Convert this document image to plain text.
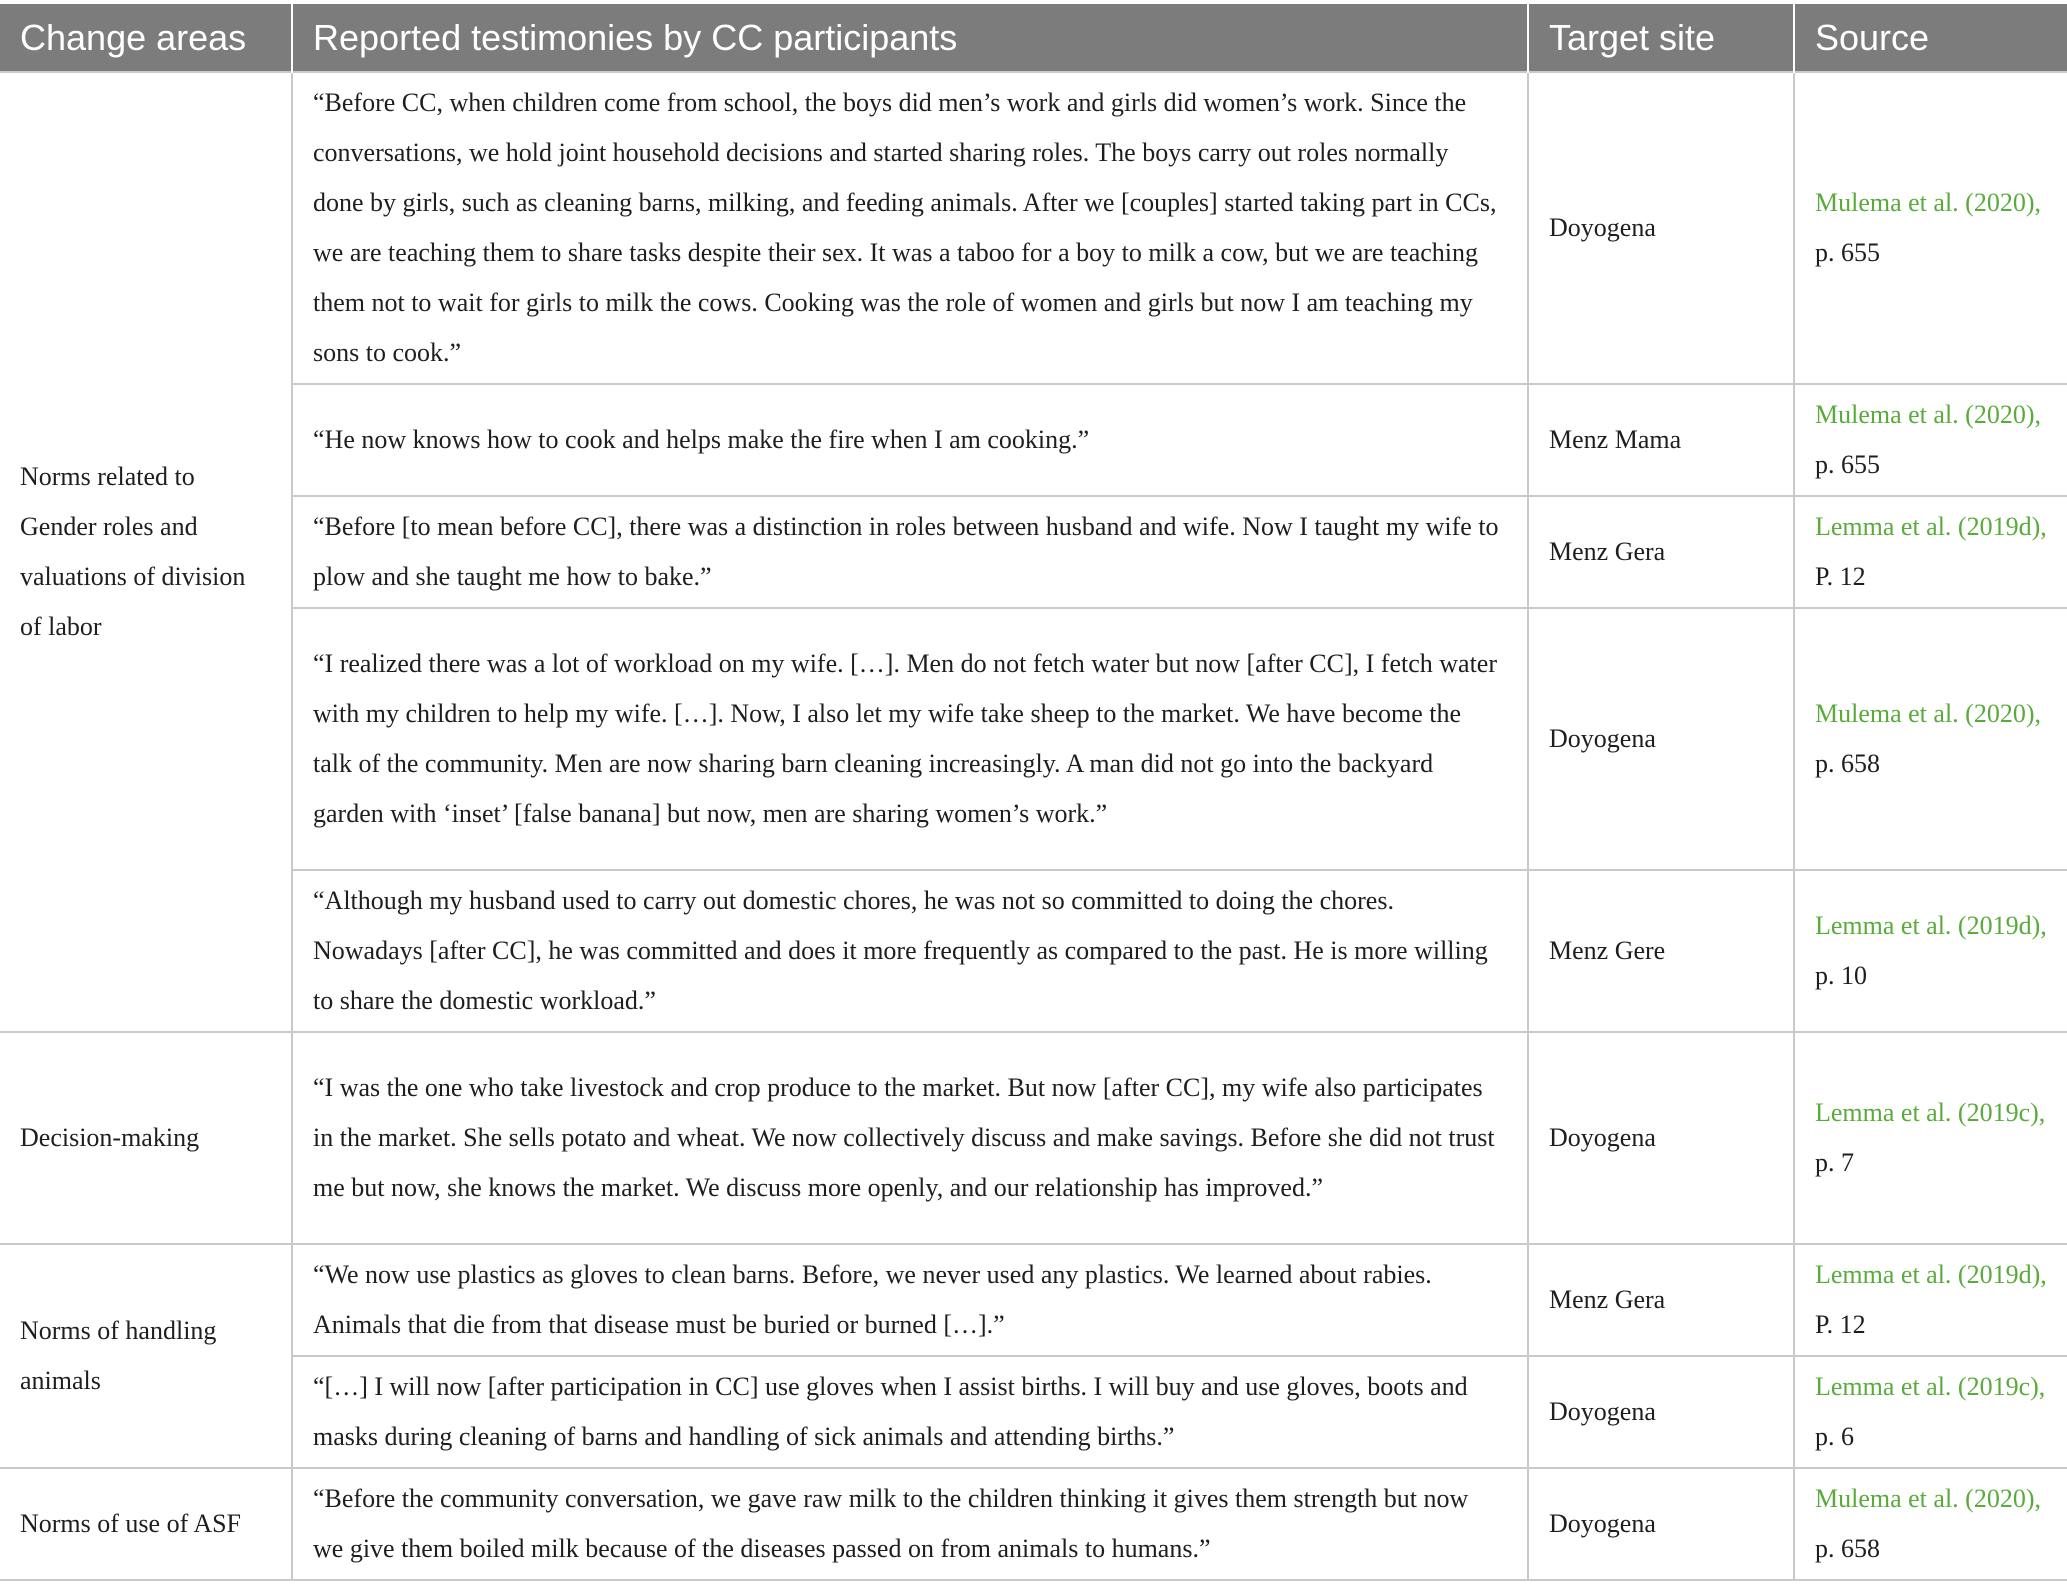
Change areas	Reported testimonies by CC participants	Target site	Source
Norms related to Gender roles and valuations of division of labor	“Before CC, when children come from school, the boys did men’s work and girls did women’s work. Since the conversations, we hold joint household decisions and started sharing roles. The boys carry out roles normally done by girls, such as cleaning barns, milking, and feeding animals. After we [couples] started taking part in CCs, we are teaching them to share tasks despite their sex. It was a taboo for a boy to milk a cow, but we are teaching them not to wait for girls to milk the cows. Cooking was the role of women and girls but now I am teaching my sons to cook.”	Doyogena	Mulema et al. (2020), p. 655
	“He now knows how to cook and helps make the fire when I am cooking.”	Menz Mama	Mulema et al. (2020), p. 655
	“Before [to mean before CC], there was a distinction in roles between husband and wife. Now I taught my wife to plow and she taught me how to bake.”	Menz Gera	Lemma et al. (2019d), P. 12
	“I realized there was a lot of workload on my wife. […]. Men do not fetch water but now [after CC], I fetch water with my children to help my wife. […]. Now, I also let my wife take sheep to the market. We have become the talk of the community. Men are now sharing barn cleaning increasingly. A man did not go into the backyard garden with ‘inset’ [false banana] but now, men are sharing women’s work.”	Doyogena	Mulema et al. (2020), p. 658
	“Although my husband used to carry out domestic chores, he was not so committed to doing the chores. Nowadays [after CC], he was committed and does it more frequently as compared to the past. He is more willing to share the domestic workload.”	Menz Gere	Lemma et al. (2019d), p. 10
Decision-making	“I was the one who take livestock and crop produce to the market. But now [after CC], my wife also participates in the market. She sells potato and wheat. We now collectively discuss and make savings. Before she did not trust me but now, she knows the market. We discuss more openly, and our relationship has improved.”	Doyogena	Lemma et al. (2019c), p. 7
Norms of handling animals	“We now use plastics as gloves to clean barns. Before, we never used any plastics. We learned about rabies. Animals that die from that disease must be buried or burned […].”	Menz Gera	Lemma et al. (2019d), P. 12
	“[…] I will now [after participation in CC] use gloves when I assist births. I will buy and use gloves, boots and masks during cleaning of barns and handling of sick animals and attending births.”	Doyogena	Lemma et al. (2019c), p. 6
Norms of use of ASF	“Before the community conversation, we gave raw milk to the children thinking it gives them strength but now we give them boiled milk because of the diseases passed on from animals to humans.”	Doyogena	Mulema et al. (2020), p. 658
